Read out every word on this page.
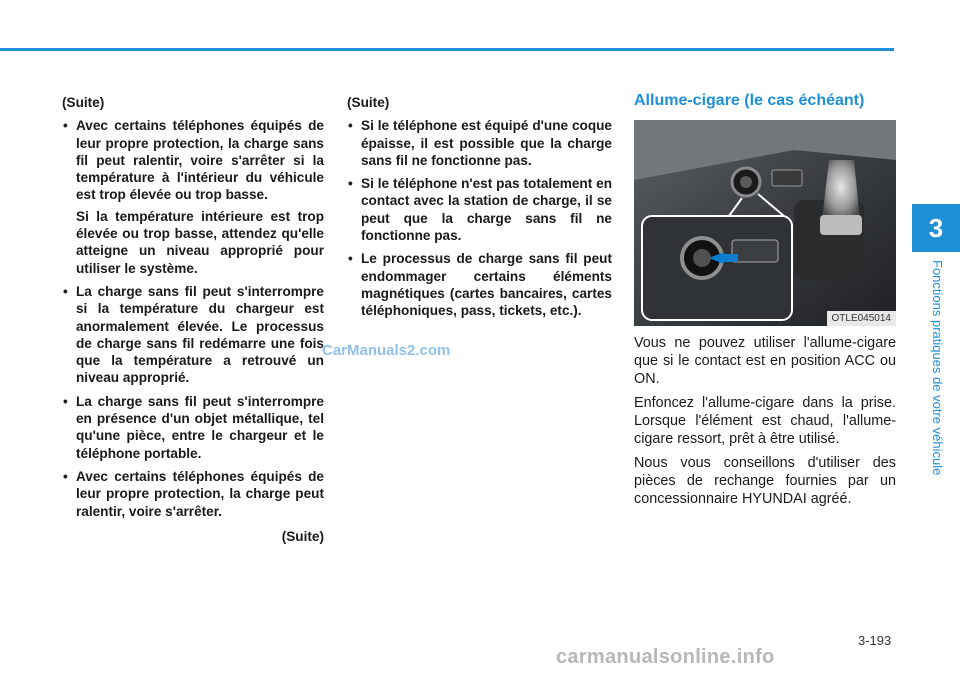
3
Fonctions pratiques de votre véhicule

(Suite)

• Avec certains téléphones équipés de leur propre protection, la charge sans fil peut ralentir, voire s'arrêter si la température à l'intérieur du véhicule est trop élevée ou trop basse.

Si la température intérieure est trop élevée ou trop basse, attendez qu'elle atteigne un niveau approprié pour utiliser le système.

• La charge sans fil peut s'interrompre si la température du chargeur est anormalement élevée. Le processus de charge sans fil redémarre une fois que la température a retrouvé un niveau approprié.

• La charge sans fil peut s'interrompre en présence d'un objet métallique, tel qu'une pièce, entre le chargeur et le téléphone portable.

• Avec certains téléphones équipés de leur propre protection, la charge peut ralentir, voire s'arrêter.

(Suite)

(Suite)

• Si le téléphone est équipé d'une coque épaisse, il est possible que la charge sans fil ne fonctionne pas.
• Si le téléphone n'est pas totalement en contact avec la station de charge, il se peut que la charge sans fil ne fonctionne pas.
• Le processus de charge sans fil peut endommager certains éléments magnétiques (cartes bancaires, cartes téléphoniques, pass, tickets, etc.).
Allume-cigare (le cas échéant)
OTLE045014

Vous ne pouvez utiliser l'allume-cigare que si le contact est en position ACC ou ON.

Enfoncez l'allume-cigare dans la prise. Lorsque l'élément est chaud, l'allume-cigare ressort, prêt à être utilisé.

Nous vous conseillons d'utiliser des pièces de rechange fournies par un concessionnaire HYUNDAI agréé.

3-193
CarManuals2.com
carmanualsonline.info
